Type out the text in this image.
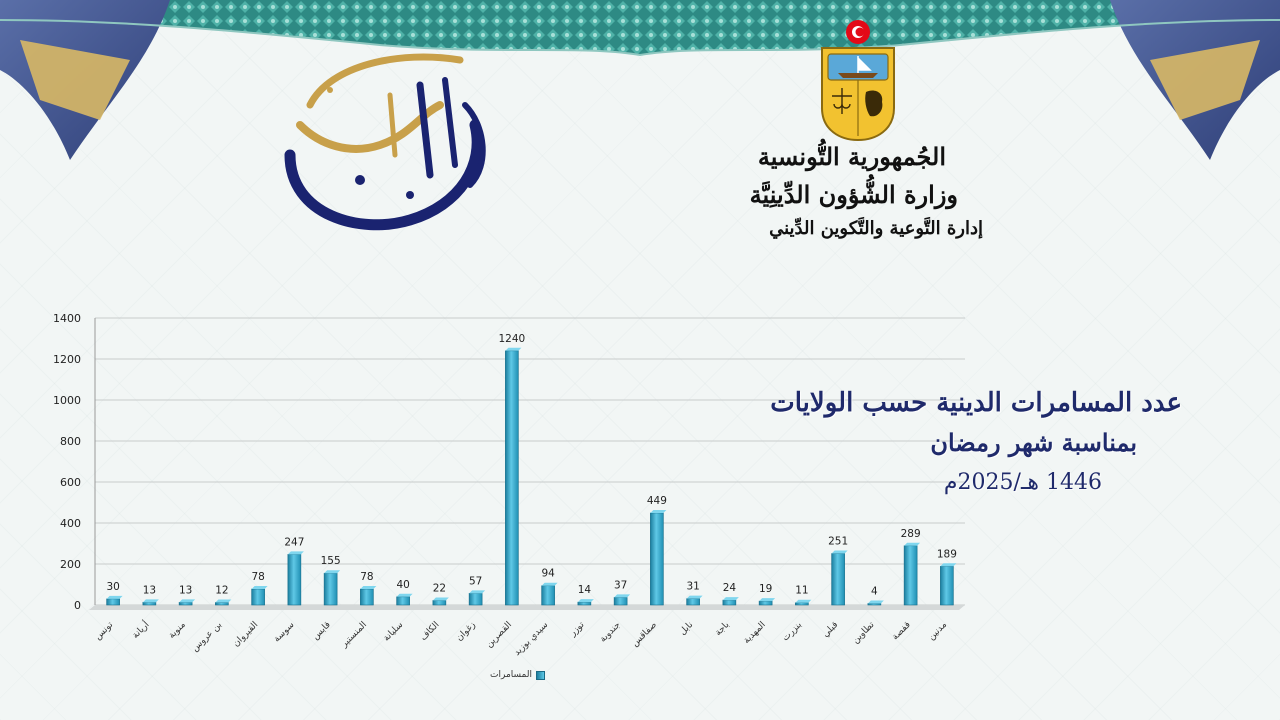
الجُمهورية التُّونسية
وزارة الشُّؤون الدِّينِيَّة
إدارة التَّوعية والتَّكوين الدِّيني
عدد المسامرات الدينية حسب الولايات
بمناسبة شهر رمضان
1446 هـ/2025م
0
200
400
600
800
1000
1200
1400
30 13 13 12
78
247
155
78
40 22
57
1240
94
14 37
449
31 24 19 11
251
4
289
189
تونس أريانة منوبة بن عروس القيروان سوسة قابس المنستير سليانة الكاف زغوان القصرين
سيدي بوزيد توزر جندوبة صفاقس نابل باجة المهدية بنزرت قبلي تطاوين قفصة مدنين
المسامرات
